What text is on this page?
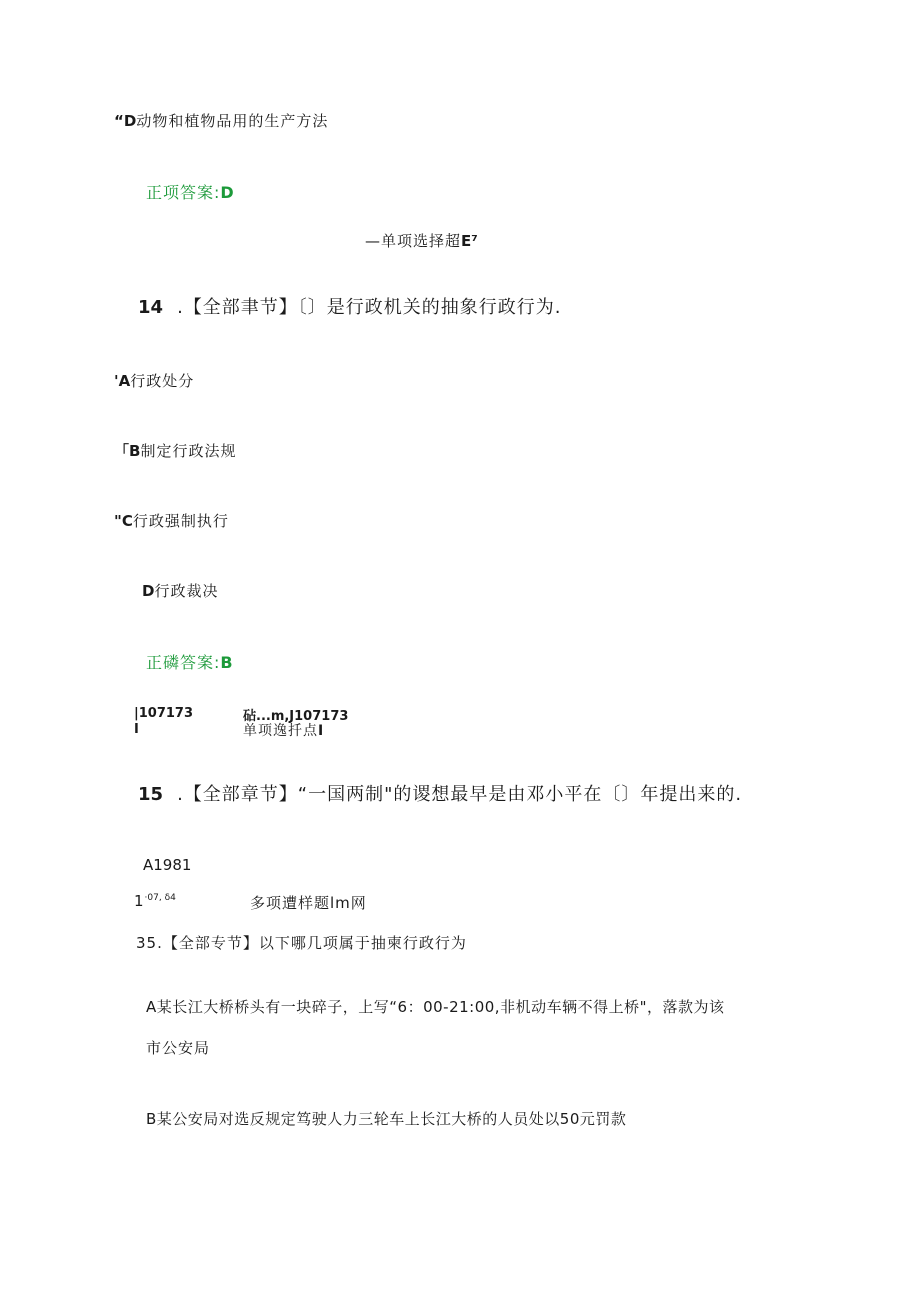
“D动物和植物品用的生产方法
正项答案:D
—单项选择超E⁷
14 .【全部聿节】〔〕是行政机关的抽象行政行为.
'A行政处分
「B制定行政法规
"C行政强制执行
D行政裁决
正磷答案:B
|107173
I
砧...m,J107173
单项逸扦点I
15 .【全部章节】“一国两制"的谡想最早是由邓小平在〔〕年提出来的.
A1981
$1^{\cdot 07, \delta 4}$	多项遭样题lm网
35.【全部专节】以下哪几项属于抽柬行政行为
A某长江大桥桥头有一块碎子，上写“6：00-21:00,非机动车辆不得上桥"，落款为该
市公安局
B某公安局对选反规定笃驶人力三轮车上长江大桥的人员处以50元罚款
